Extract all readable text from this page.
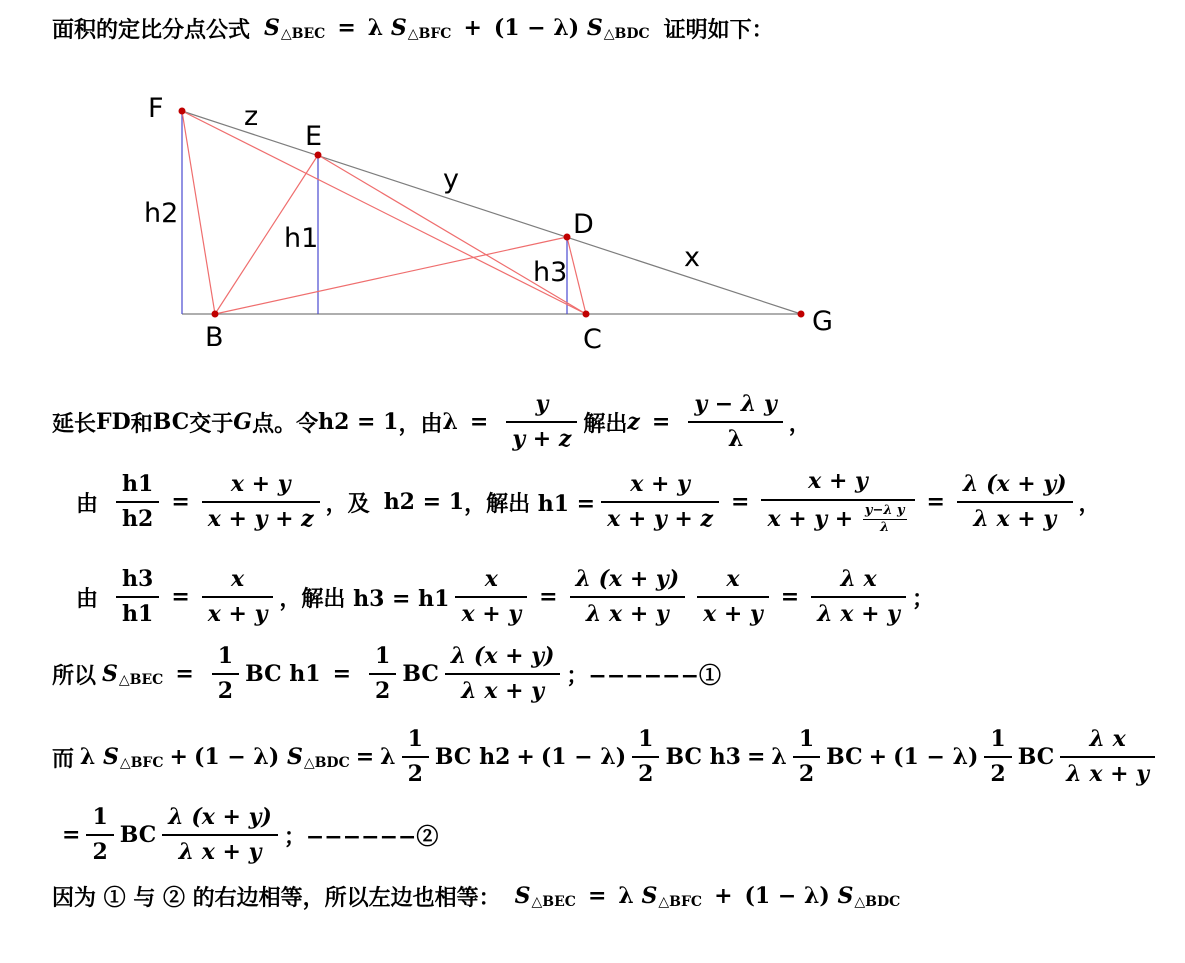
面积的定比分点公式 S △BEC = λ
S △BFC + (1 − λ)
S △BDC 证明如下：
F
E
D
G
B	C
z
y
x
h2
h1
h3
延长 FD 和 BC 交于 G 点。令 h2 = 1 ，由 $\lambda = \frac{y}{y + z}$ 解出 $z = \frac{\text{y − λ y}}{\lambda}$ ，
由 $\frac{h1}{h2} = \frac{x + y}{x + y + z}$ ，及 h2 = 1 ，解出 $h1 = \frac{x + y}{x + y + z} = \frac{x + y}{x + y + \frac{\text{y−λ y}}{\lambda}} = \frac{\lambda (x + y)}{\text{λ x + y}}$ ，
由 $\frac{h3}{h1} = \frac{x}{x + y}$ ，解出 $h3 = h1 \frac{x}{x + y} = \frac{\lambda (x + y)}{\text{λ x + y}} \frac{x}{x + y} = \frac{\text{λ x}}{\text{λ x + y}}$ ；
所以 S △BEC = $\frac{1}{2}$ BC
$h1 = \frac{1}{2}$ BC $\frac{\lambda (x + y)}{\text{λ x + y}}$ ；−−−−−−①
而 λ
S △BFC + (1 − λ)
S △BDC = λ $\frac{1}{2}$ BC
$h2 + (1 - \lambda) \frac{1}{2}$ BC
h3 = λ $\frac{1}{2}$ BC + $(1 - \lambda) \frac{1}{2}$ BC $\frac{\text{λ x}}{\text{λ x + y}}$
= $\frac{1}{2}$ BC $\frac{\lambda (x + y)}{\text{λ x + y}}$ ；−−−−−−②
因为 ① 与 ② 的右边相等，所以左边也相等： S △BEC = λ
S △BFC + (1 − λ)
S △BDC
